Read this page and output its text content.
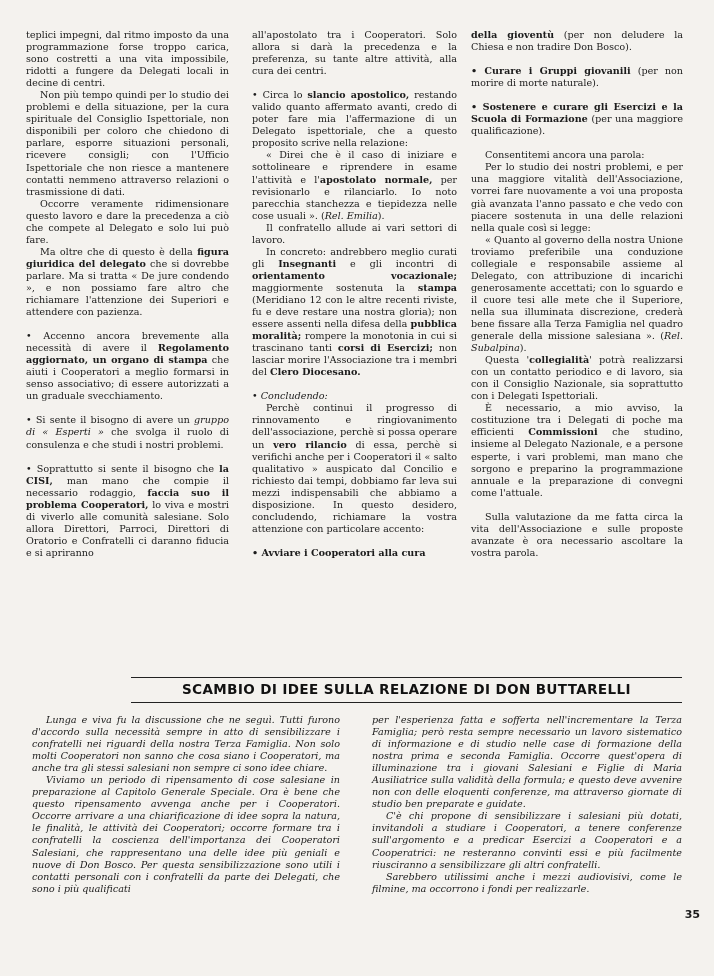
teplici impegni, dal ritmo imposto da una programmazione forse troppo carica, sono costretti a una vita impossibile, ridotti a fungere da Delegati locali in decine di centri.

Non più tempo quindi per lo studio dei problemi e della situazione, per la cura spirituale del Consiglio Ispettoriale, non disponibili per coloro che chiedono di parlare, esporre situazioni personali, ricevere consigli; con l'Ufficio Ispettoriale che non riesce a mantenere contatti nemmeno attraverso relazioni o trasmissione di dati.

Occorre veramente ridimensionare questo lavoro e dare la precedenza a ciò che compete al Delegato e solo lui può fare.

Ma oltre che di questo è della figura giuridica del delegato che si dovrebbe parlare. Ma si tratta « De jure condendo », e non possiamo fare altro che richiamare l'attenzione dei Superiori e attendere con pazienza.

• Accenno ancora brevemente alla necessità di avere il Regolamento aggiornato, un organo di stampa che aiuti i Cooperatori a meglio formarsi in senso associativo; di essere autorizzati a un graduale svecchiamento.

• Si sente il bisogno di avere un gruppo di « Esperti » che svolga il ruolo di consulenza e che studi i nostri problemi.

• Soprattutto si sente il bisogno che la CISI, man mano che compie il necessario rodaggio, faccia suo il problema Cooperatori, lo viva e mostri di viverlo alle comunità salesiane. Solo allora Direttori, Parroci, Direttori di Oratorio e Confratelli ci daranno fiducia e si apriranno

all'apostolato tra i Cooperatori. Solo allora si darà la precedenza e la preferenza, su tante altre attività, alla cura dei centri.

• Circa lo slancio apostolico, restando valido quanto affermato avanti, credo di poter fare mia l'affermazione di un Delegato ispettoriale, che a questo proposito scrive nella relazione:

« Direi che è il caso di iniziare e sottolineare e riprendere in esame l'attività e l'apostolato normale, per revisionarlo e rilanciarlo. Io noto parecchia stanchezza e tiepidezza nelle cose usuali ». (Rel. Emilia).

Il confratello allude ai vari settori di lavoro.

In concreto: andrebbero meglio curati gli Insegnanti e gli incontri di orientamento vocazionale; maggiormente sostenuta la stampa (Meridiano 12 con le altre recenti riviste, fu e deve restare una nostra gloria); non essere assenti nella difesa della pubblica moralità; rompere la monotonia in cui si trascinano tanti corsi di Esercizi; non lasciar morire l'Associazione tra i membri del Clero Diocesano.

• Concludendo:

Perchè continui il progresso di rinnovamento e ringiovanimento dell'associazione, perchè si possa operare un vero rilancio di essa, perchè si verifichi anche per i Cooperatori il « salto qualitativo » auspicato dal Concilio e richiesto dai tempi, dobbiamo far leva sui mezzi indispensabili che abbiamo a disposizione. In questo desidero, concludendo, richiamare la vostra attenzione con particolare accento:

• Avviare i Cooperatori alla cura

della gioventù (per non deludere la Chiesa e non tradire Don Bosco).

• Curare i Gruppi giovanili (per non morire di morte naturale).

• Sostenere e curare gli Esercizi e la Scuola di Formazione (per una maggiore qualificazione).

Consentitemi ancora una parola:

Per lo studio dei nostri problemi, e per una maggiore vitalità dell'Associazione, vorrei fare nuovamente a voi una proposta già avanzata l'anno passato e che vedo con piacere sostenuta in una delle relazioni nella quale così si legge:

« Quanto al governo della nostra Unione troviamo preferibile una conduzione collegiale e responsabile assieme al Delegato, con attribuzione di incarichi generosamente accettati; con lo sguardo e il cuore tesi alle mete che il Superiore, nella sua illuminata discrezione, crederà bene fissare alla Terza Famiglia nel quadro generale della missione salesiana ». (Rel. Subalpina).

Questa 'collegialità' potrà realizzarsi con un contatto periodico e di lavoro, sia con il Consiglio Nazionale, sia soprattutto con i Delegati Ispettoriali.

È necessario, a mio avviso, la costituzione tra i Delegati di poche ma efficienti Commissioni che studino, insieme al Delegato Nazionale, e a persone esperte, i vari problemi, man mano che sorgono e preparino la programmazione annuale e la preparazione di convegni come l'attuale.

Sulla valutazione da me fatta circa la vita dell'Associazione e sulle proposte avanzate è ora necessario ascoltare la vostra parola.

SCAMBIO DI IDEE SULLA RELAZIONE DI DON BUTTARELLI

Lunga e viva fu la discussione che ne seguì. Tutti furono d'accordo sulla necessità sempre in atto di sensibilizzare i confratelli nei riguardi della nostra Terza Famiglia. Non solo molti Cooperatori non sanno che cosa siano i Cooperatori, ma anche tra gli stessi salesiani non sempre ci sono idee chiare.

Viviamo un periodo di ripensamento di cose salesiane in preparazione al Capitolo Generale Speciale. Ora è bene che questo ripensamento avvenga anche per i Cooperatori. Occorre arrivare a una chiarificazione di idee sopra la natura, le finalità, le attività dei Cooperatori; occorre formare tra i confratelli la coscienza dell'importanza dei Cooperatori Salesiani, che rappresentano una delle idee più geniali e nuove di Don Bosco. Per questa sensibilizzazione sono utili i contatti personali con i confratelli da parte dei Delegati, che sono i più qualificati

per l'esperienza fatta e sofferta nell'incrementare la Terza Famiglia; però resta sempre necessario un lavoro sistematico di informazione e di studio nelle case di formazione della nostra prima e seconda Famiglia. Occorre quest'opera di illuminazione tra i giovani Salesiani e Figlie di Maria Ausiliatrice sulla validità della formula; e questo deve avvenire non con delle eloquenti conferenze, ma attraverso giornate di studio ben preparate e guidate.

C'è chi propone di sensibilizzare i salesiani più dotati, invitandoli a studiare i Cooperatori, a tenere conferenze sull'argomento e a predicar Esercizi a Cooperatori e a Cooperatrici: ne resteranno convinti essi e più facilmente riusciranno a sensibilizzare gli altri confratelli.

Sarebbero utilissimi anche i mezzi audiovisivi, come le filmine, ma occorrono i fondi per realizzarle.

35
